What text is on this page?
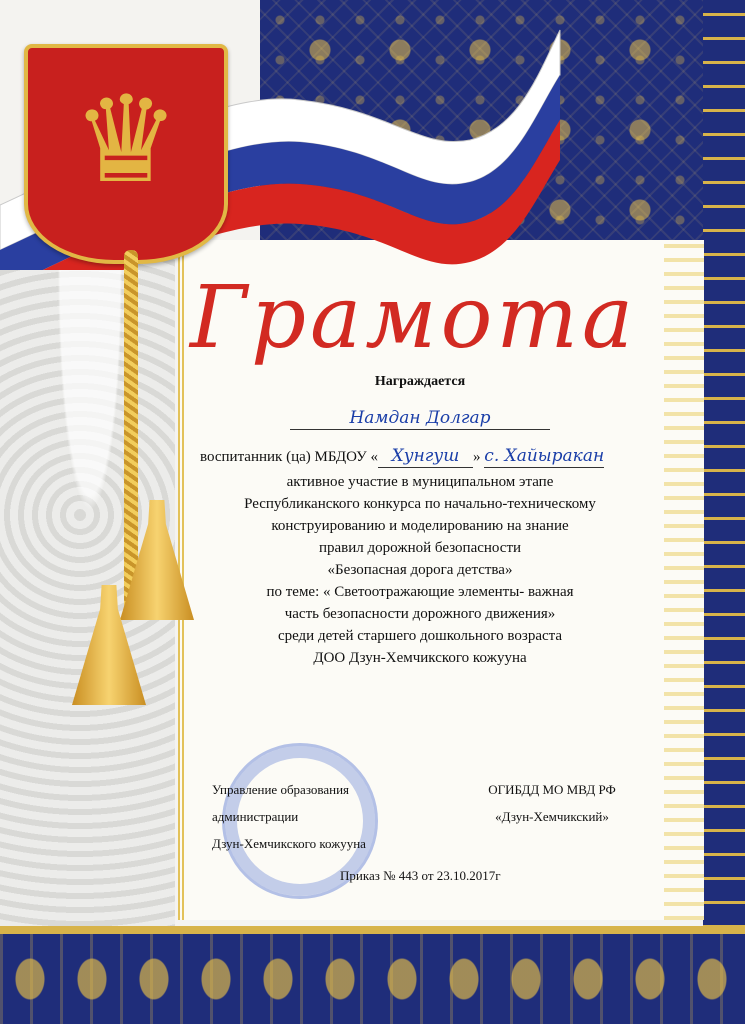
♛
Грамота
Награждается
Намдан Долгар
воспитанник (ца) МБДОУ « Хунгуш » с. Хайыракан
активное участие в муниципальном этапе
Республиканского конкурса по начально-техническому
конструированию и моделированию на знание
правил дорожной безопасности
«Безопасная дорога детства»
по теме: « Светоотражающие элементы- важная
часть безопасности дорожного движения»
среди детей старшего дошкольного возраста
ДОО Дзун-Хемчикского кожууна
Управление образования
администрации
Дзун-Хемчикского кожууна
ОГИБДД МО МВД РФ
«Дзун-Хемчикский»
Приказ № 443 от 23.10.2017г
